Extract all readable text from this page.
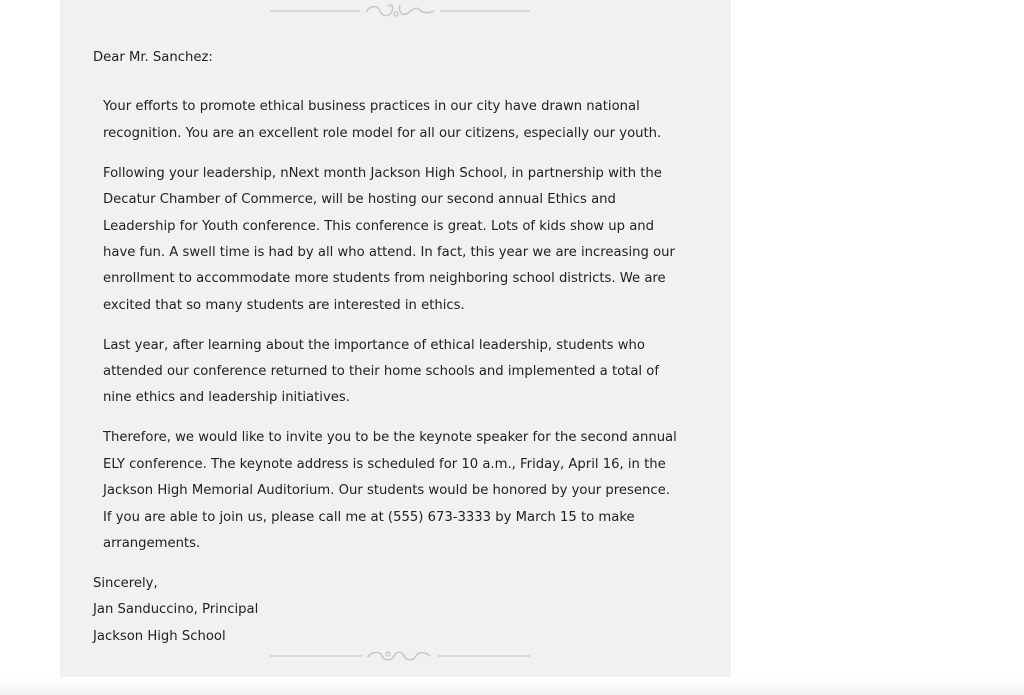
Dear Mr. Sanchez:

Your efforts to promote ethical business practices in our city have drawn national

recognition. You are an excellent role model for all our citizens, especially our youth.

Following your leadership, nNext month Jackson High School, in partnership with the

Decatur Chamber of Commerce, will be hosting our second annual Ethics and

Leadership for Youth conference. This conference is great. Lots of kids show up and

have fun. A swell time is had by all who attend. In fact, this year we are increasing our

enrollment to accommodate more students from neighboring school districts. We are

excited that so many students are interested in ethics.

Last year, after learning about the importance of ethical leadership, students who

attended our conference returned to their home schools and implemented a total of

nine ethics and leadership initiatives.

Therefore, we would like to invite you to be the keynote speaker for the second annual

ELY conference. The keynote address is scheduled for 10 a.m., Friday, April 16, in the

Jackson High Memorial Auditorium. Our students would be honored by your presence.

If you are able to join us, please call me at (555) 673-3333 by March 15 to make

arrangements.

Sincerely,

Jan Sanduccino, Principal

Jackson High School
